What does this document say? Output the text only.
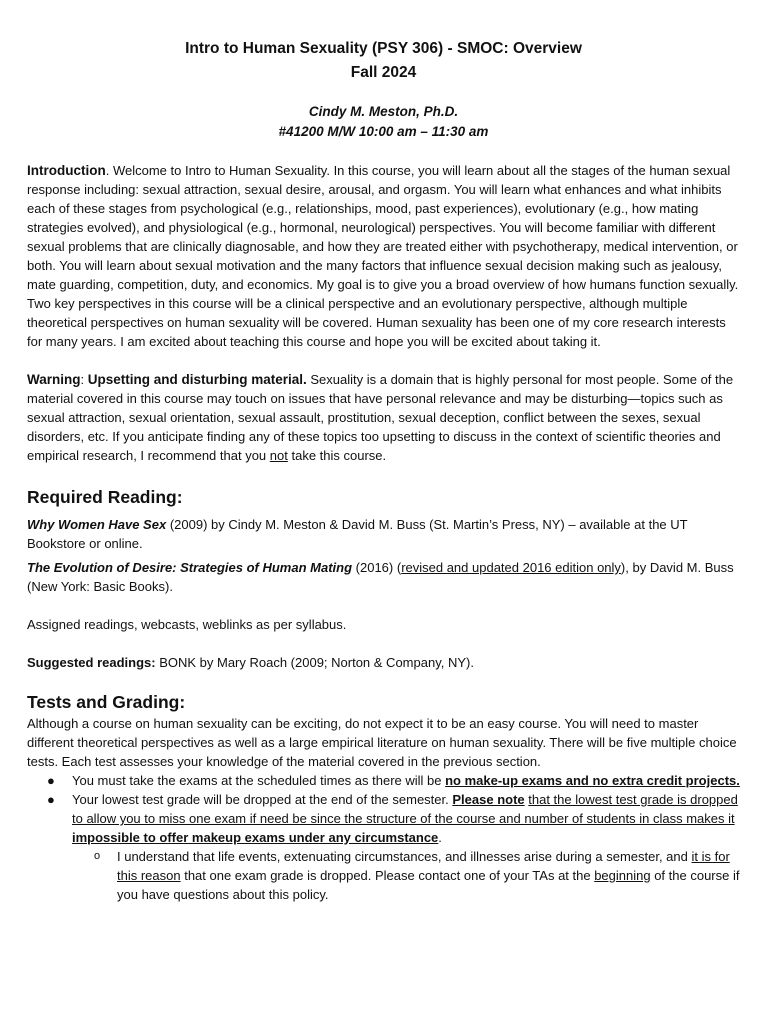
Intro to Human Sexuality (PSY 306) - SMOC: Overview
Fall 2024
Cindy M. Meston, Ph.D.
#41200 M/W 10:00 am – 11:30 am

Introduction. Welcome to Intro to Human Sexuality. In this course, you will learn about all the stages of the human sexual response including: sexual attraction, sexual desire, arousal, and orgasm. You will learn what enhances and what inhibits each of these stages from psychological (e.g., relationships, mood, past experiences), evolutionary (e.g., how mating strategies evolved), and physiological (e.g., hormonal, neurological) perspectives. You will become familiar with different sexual problems that are clinically diagnosable, and how they are treated either with psychotherapy, medical intervention, or both. You will learn about sexual motivation and the many factors that influence sexual decision making such as jealousy, mate guarding, competition, duty, and economics. My goal is to give you a broad overview of how humans function sexually. Two key perspectives in this course will be a clinical perspective and an evolutionary perspective, although multiple theoretical perspectives on human sexuality will be covered. Human sexuality has been one of my core research interests for many years. I am excited about teaching this course and hope you will be excited about taking it.

Warning: Upsetting and disturbing material. Sexuality is a domain that is highly personal for most people. Some of the material covered in this course may touch on issues that have personal relevance and may be disturbing—topics such as sexual attraction, sexual orientation, sexual assault, prostitution, sexual deception, conflict between the sexes, sexual disorders, etc. If you anticipate finding any of these topics too upsetting to discuss in the context of scientific theories and empirical research, I recommend that you not take this course.

Required Reading:

Why Women Have Sex (2009) by Cindy M. Meston & David M. Buss (St. Martin’s Press, NY) – available at the UT Bookstore or online.

The Evolution of Desire: Strategies of Human Mating (2016) (revised and updated 2016 edition only), by David M. Buss (New York: Basic Books).

Assigned readings, webcasts, weblinks as per syllabus.

Suggested readings: BONK by Mary Roach (2009; Norton & Company, NY).

Tests and Grading:

Although a course on human sexuality can be exciting, do not expect it to be an easy course. You will need to master different theoretical perspectives as well as a large empirical literature on human sexuality. There will be five multiple choice tests. Each test assesses your knowledge of the material covered in the previous section.

● You must take the exams at the scheduled times as there will be no make-up exams and no extra credit projects.
● Your lowest test grade will be dropped at the end of the semester. Please note that the lowest test grade is dropped to allow you to miss one exam if need be since the structure of the course and number of students in class makes it impossible to offer makeup exams under any circumstance.
o I understand that life events, extenuating circumstances, and illnesses arise during a semester, and it is for this reason that one exam grade is dropped. Please contact one of your TAs at the beginning of the course if you have questions about this policy.
